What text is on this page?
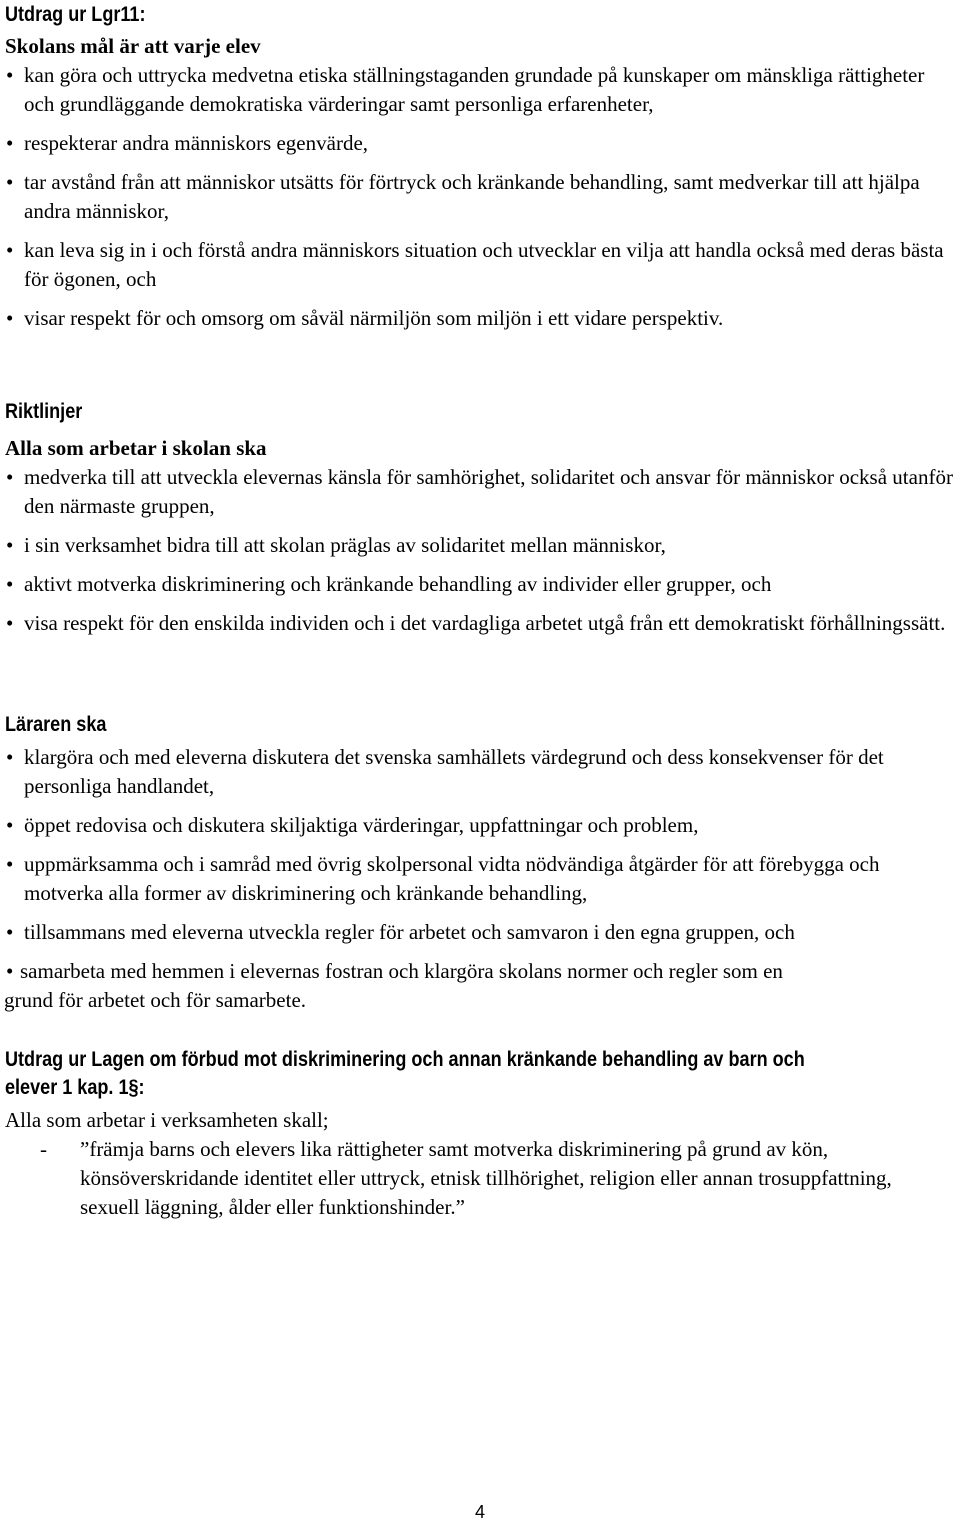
Utdrag ur Lgr11:
Skolans mål är att varje elev
• kan göra och uttrycka medvetna etiska ställningstaganden grundade på kunskaper om mänskliga rättigheter och grundläggande demokratiska värderingar samt personliga erfarenheter,
• respekterar andra människors egenvärde,
• tar avstånd från att människor utsätts för förtryck och kränkande behandling, samt medverkar till att hjälpa andra människor,
• kan leva sig in i och förstå andra människors situation och utvecklar en vilja att handla också med deras bästa för ögonen, och
• visar respekt för och omsorg om såväl närmiljön som miljön i ett vidare perspektiv.
Riktlinjer
Alla som arbetar i skolan ska
• medverka till att utveckla elevernas känsla för samhörighet, solidaritet och ansvar för människor också utanför den närmaste gruppen,
• i sin verksamhet bidra till att skolan präglas av solidaritet mellan människor,
• aktivt motverka diskriminering och kränkande behandling av individer eller grupper, och
• visa respekt för den enskilda individen och i det vardagliga arbetet utgå från ett demokratiskt förhållningssätt.
Läraren ska
• klargöra och med eleverna diskutera det svenska samhällets värdegrund och dess konsekvenser för det personliga handlandet,
• öppet redovisa och diskutera skiljaktiga värderingar, uppfattningar och problem,
• uppmärksamma och i samråd med övrig skolpersonal vidta nödvändiga åtgärder för att förebygga och motverka alla former av diskriminering och kränkande behandling,
• tillsammans med eleverna utveckla regler för arbetet och samvaron i den egna gruppen, och
• samarbeta med hemmen i elevernas fostran och klargöra skolans normer och regler som en
grund för arbetet och för samarbete.
Utdrag ur Lagen om förbud mot diskriminering och annan kränkande behandling av barn och
elever 1 kap. 1§:
Alla som arbetar i verksamheten skall;
- ”främja barns och elevers lika rättigheter samt motverka diskriminering på grund av kön, könsöverskridande identitet eller uttryck, etnisk tillhörighet, religion eller annan trosuppfattning, sexuell läggning, ålder eller funktionshinder.”
4
